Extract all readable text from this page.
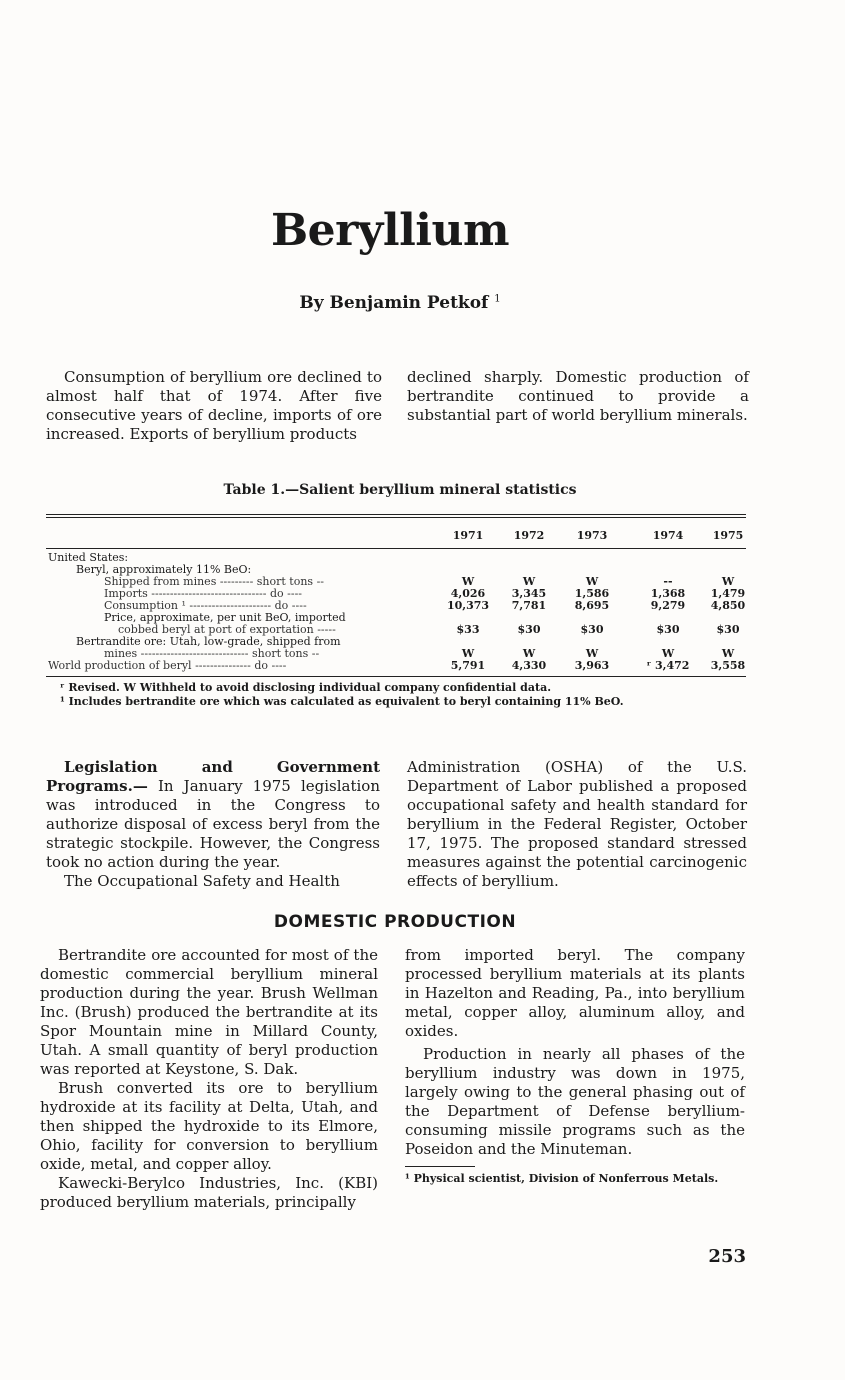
Beryllium
By Benjamin Petkof $^1$

Consumption of beryllium ore declined to almost half that of 1974. After five consecutive years of decline, imports of ore increased. Exports of beryllium products

declined sharply. Domestic production of bertrandite continued to provide a substantial part of world beryllium minerals.

Table 1.—Salient beryllium mineral statistics
1971	1972	1973	1974	1975
United States:
Beryl, approximately 11% BeO:
Shipped from mines --------- short tons --	W	W	W	--	W
Imports ------------------------------- do ----	4,026	3,345	1,586	1,368	1,479
Consumption ¹ ---------------------- do ----	10,373	7,781	8,695	9,279	4,850
Price, approximate, per unit BeO, imported
cobbed beryl at port of exportation -----	$33	$30	$30	$30	$30
Bertrandite ore: Utah, low-grade, shipped from
mines ----------------------------- short tons --	W	W	W	W	W
World production of beryl --------------- do ----	5,791	4,330	3,963	ʳ 3,472	3,558

ʳ Revised. W Withheld to avoid disclosing individual company confidential data.

¹ Includes bertrandite ore which was calculated as equivalent to beryl containing 11% BeO.

Legislation and Government Programs.— In January 1975 legislation was introduced in the Congress to authorize disposal of excess beryl from the strategic stockpile. However, the Congress took no action during the year.

The Occupational Safety and Health

Administration (OSHA) of the U.S. Department of Labor published a proposed occupational safety and health standard for beryllium in the Federal Register, October 17, 1975. The proposed standard stressed measures against the potential carcinogenic effects of beryllium.

DOMESTIC PRODUCTION

Bertrandite ore accounted for most of the domestic commercial beryllium mineral production during the year. Brush Wellman Inc. (Brush) produced the bertrandite at its Spor Mountain mine in Millard County, Utah. A small quantity of beryl production was reported at Keystone, S. Dak.

Brush converted its ore to beryllium hydroxide at its facility at Delta, Utah, and then shipped the hydroxide to its Elmore, Ohio, facility for conversion to beryllium oxide, metal, and copper alloy.

Kawecki-Berylco Industries, Inc. (KBI) produced beryllium materials, principally

from imported beryl. The company processed beryllium materials at its plants in Hazelton and Reading, Pa., into beryllium metal, copper alloy, aluminum alloy, and oxides.

Production in nearly all phases of the beryllium industry was down in 1975, largely owing to the general phasing out of the Department of Defense beryllium-consuming missile programs such as the Poseidon and the Minuteman.

¹ Physical scientist, Division of Nonferrous Metals.
253
